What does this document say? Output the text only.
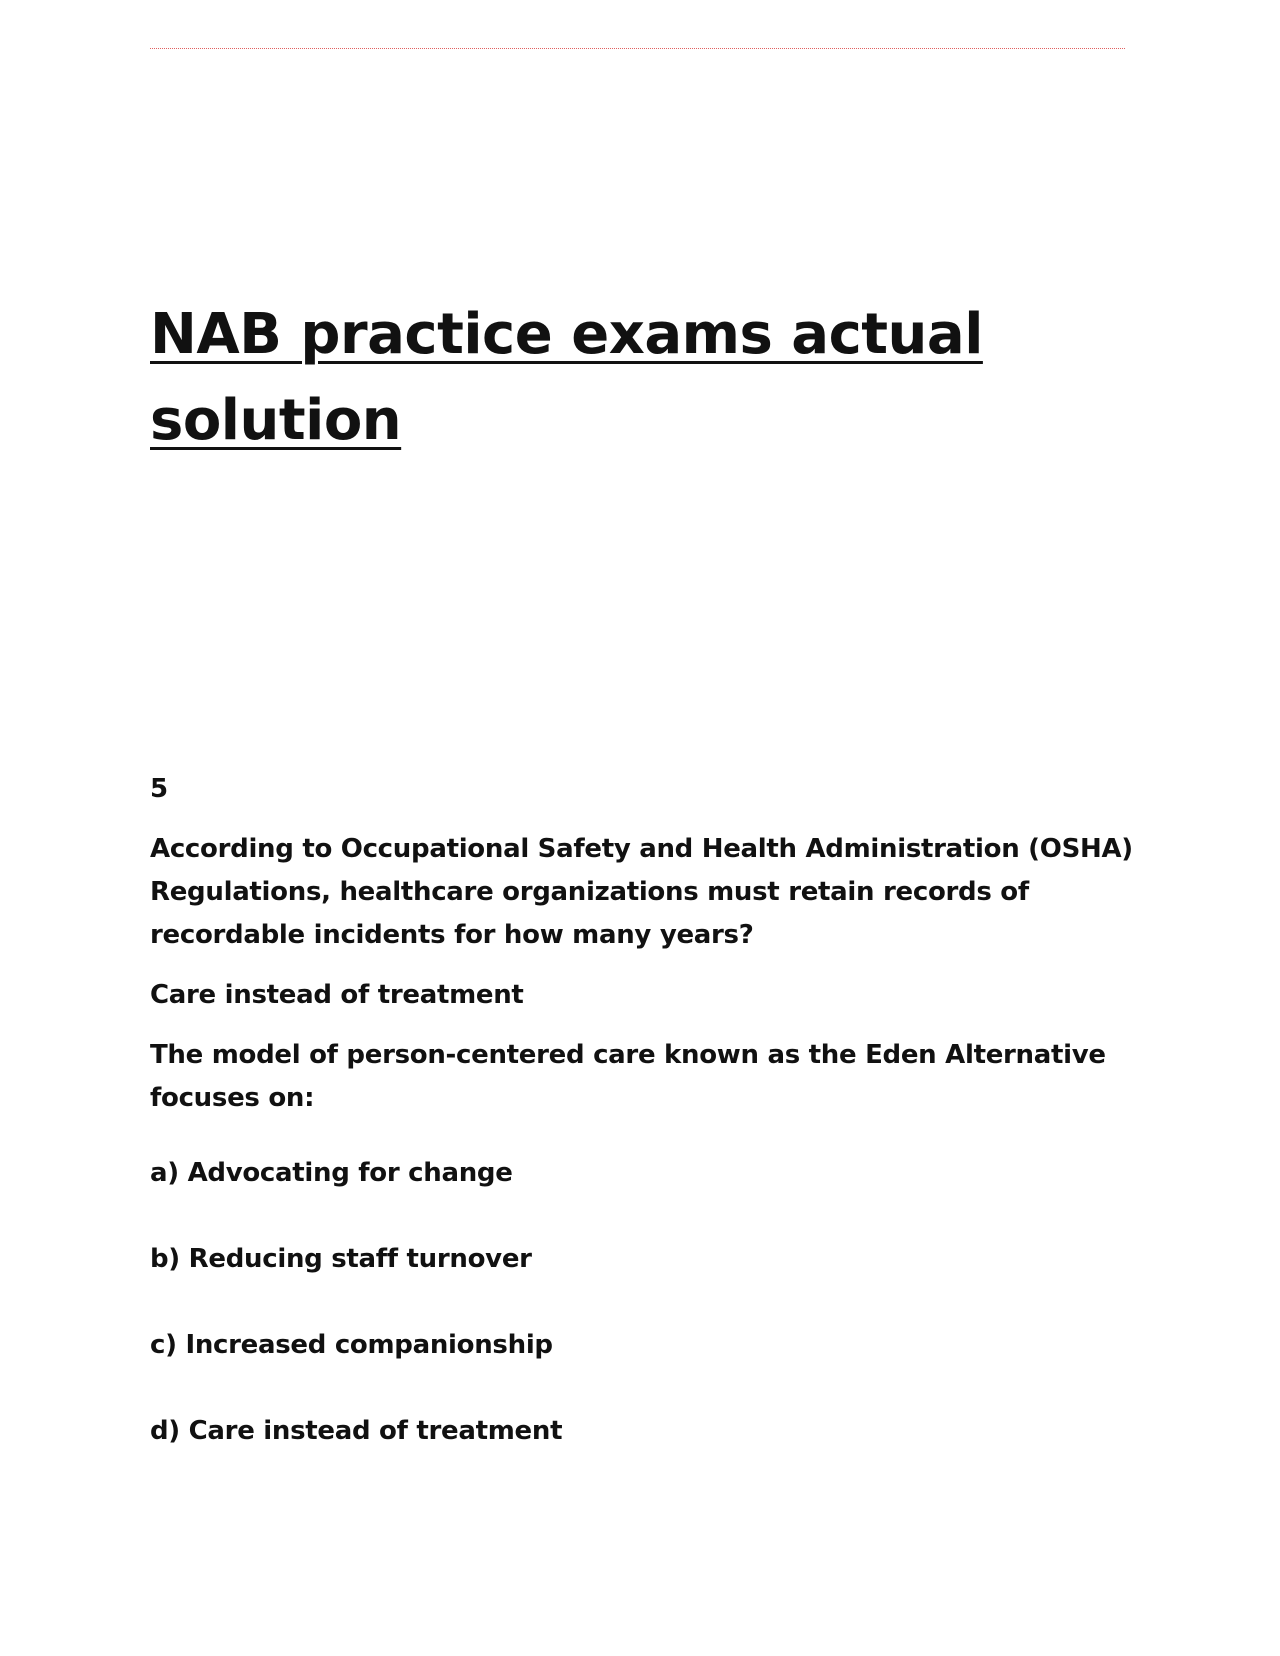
NAB practice exams actual solution

5

According to Occupational Safety and Health Administration (OSHA) Regulations, healthcare organizations must retain records of recordable incidents for how many years?

Care instead of treatment

The model of person-centered care known as the Eden Alternative focuses on:

a) Advocating for change

b) Reducing staff turnover

c) Increased companionship

d) Care instead of treatment
